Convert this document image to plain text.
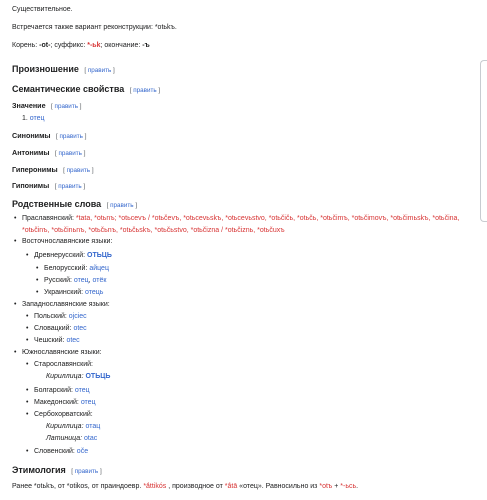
Существительное.
Встречается также вариант реконструкции: *otьkъ.
Корень: -ot-; суффикс: *-ьk; окончание: -ъ
Произношение [ править ]
Семантические свойства [ править ]
Значение [ править ]
1. отец
Синонимы [ править ]
Антонимы [ править ]
Гиперонимы [ править ]
Гипонимы [ править ]
Родственные слова [ править ]
• Праславянский: *tata, *otьnъ; *otьcevъ / *otьčevъ, *otьcevьskъ, *otьcevьstvo, *otьčičь, *otьčь, *otьčimъ, *otьčimovъ, *otьčimьskъ, *otьčina,
*otьčinъ, *otьčinьnъ, *otьčьnъ, *otьčьskъ, *otьčьstvo, *otьčizna / *otьčiznь, *otьčuxъ
• Восточнославянские языки:
• Древнерусский: ОТЬЦЬ
• Белорусский: айцец
• Русский: отец, отёк
• Украинский: отець
• Западнославянские языки:
• Польский: ojciec
• Словацкий: otec
• Чешский: otec
• Южнославянские языки:
• Старославянский:
Кириллица: ОТЬЦЬ
• Болгарский: отец
• Македонский: отец
• Сербохорватский:
Кириллица: отац
Латиница: otac
• Словенский: oče
Этимология [ править ]
Ранее *otьkъ, от *otikos, от праиндоевр. *ā́ttikós , производное от *ā́tā «отец». Равносильно из *otъ + *-ьсь.
